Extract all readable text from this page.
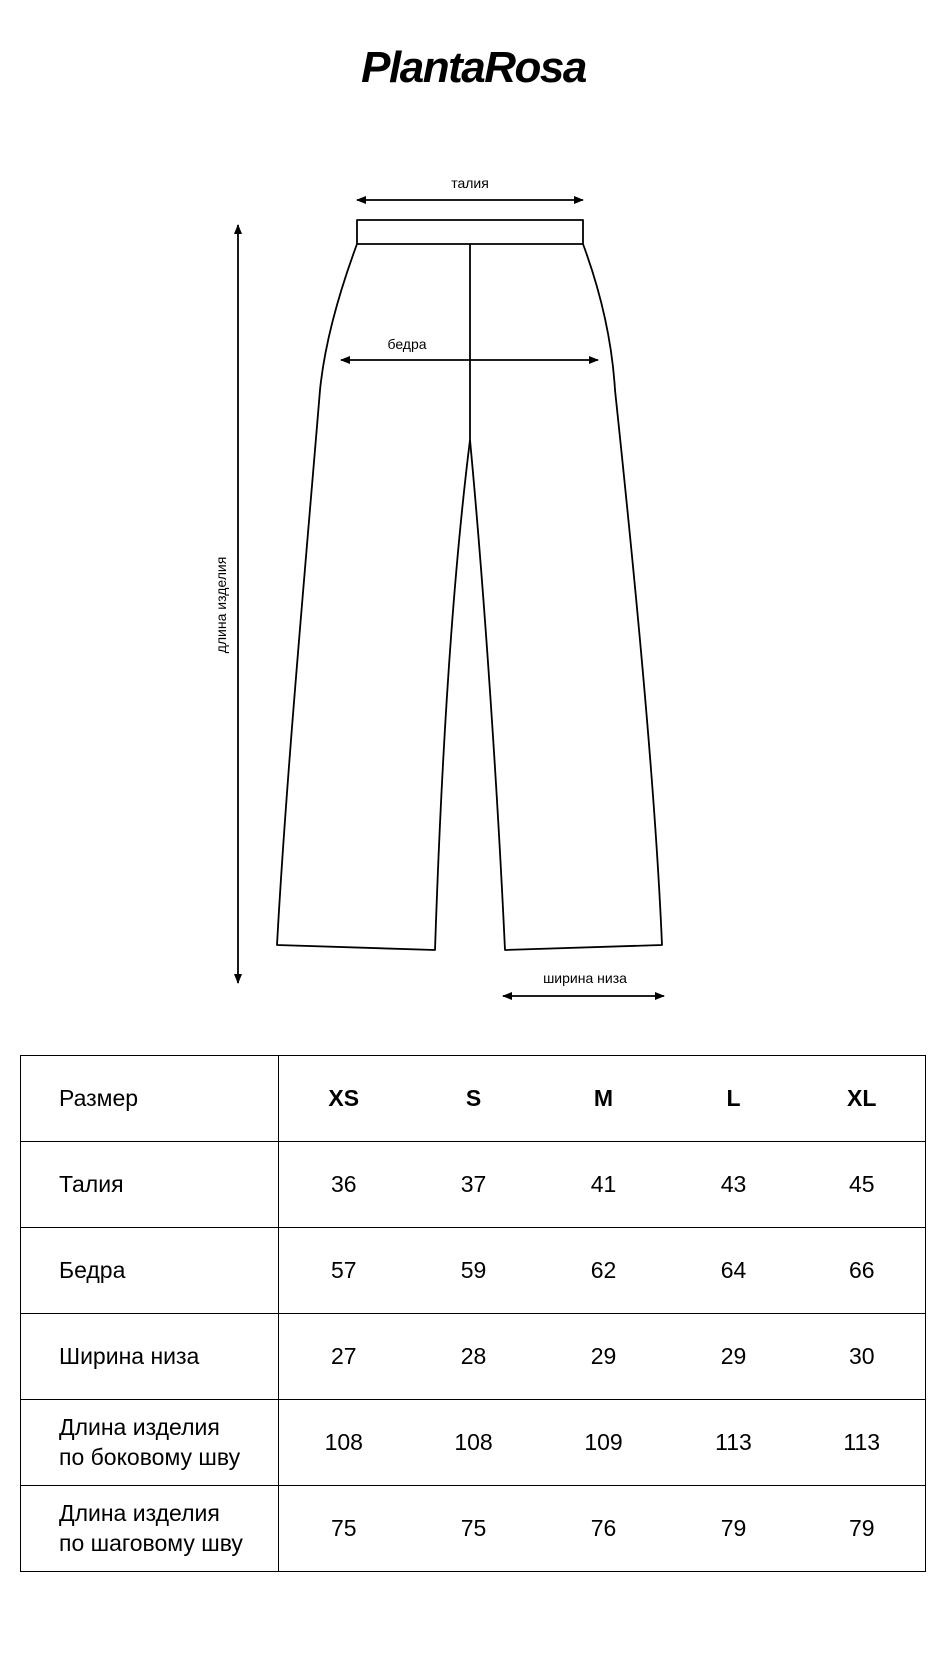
PlantaRosa
талия
бедра
длина изделия
ширина низа
Размер	XS	S	M	L	XL
Талия	36	37	41	43	45
Бедра	57	59	62	64	66
Ширина низа	27	28	29	29	30
Длина изделия
по боковому шву	108	108	109	113	113
Длина изделия
по шаговому шву	75	75	76	79	79
